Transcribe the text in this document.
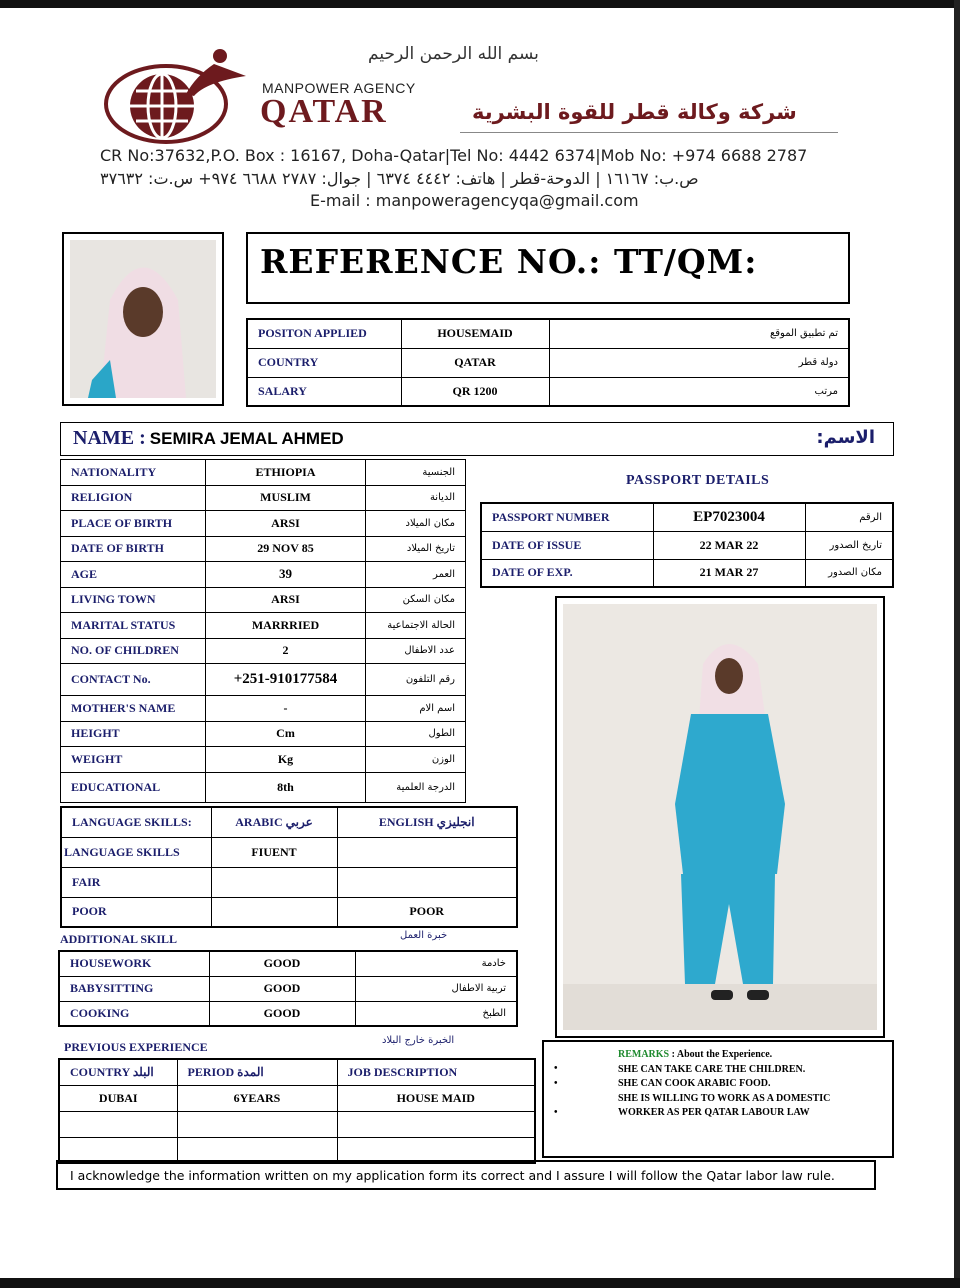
بسم الله الرحمن الرحيم
MANPOWER AGENCY
QATAR	شركة وكالة قطر للقوة البشرية
CR No:37632,P.O. Box : 16167, Doha-Qatar|Tel No: 4442 6374|Mob No: +974 6688 2787
ص.ب: ١٦١٦٧ | الدوحة-قطر | هاتف: ٤٤٤٢ ٦٣٧٤ | جوال: ٢٧٨٧ ٦٦٨٨ ٩٧٤+ س.ت: ٣٧٦٣٢
E-mail : manpoweragencyqa@gmail.com
REFERENCE NO.: TT/QM:
POSITON APPLIED	HOUSEMAID	تم تطبيق الموقع
COUNTRY	QATAR	دولة قطر
SALARY	QR 1200	مرتب
NAME : SEMIRA JEMAL AHMED	الاسم:
NATIONALITY	ETHIOPIA	الجنسية
RELIGION	MUSLIM	الديانة
PLACE OF BIRTH	ARSI	مكان الميلاد
DATE OF BIRTH	29 NOV 85	تاريخ الميلاد
AGE	39	العمر
LIVING TOWN	ARSI	مكان السكن
MARITAL STATUS	MARRRIED	الحالة الاجتماعية
NO. OF CHILDREN	2	عدد الاطفال
CONTACT No.	+251-910177584	رقم التلفون
MOTHER'S NAME	-	اسم الام
HEIGHT	Cm	الطول
WEIGHT	Kg	الوزن
EDUCATIONAL	8th	الدرجة العلمية
PASSPORT DETAILS
PASSPORT NUMBER	EP7023004	الرقم
DATE OF ISSUE	22 MAR 22	تاريخ الصدور
DATE OF EXP.	21 MAR 27	مكان الصدور
LANGUAGE SKILLS:	ARABIC عربي	ENGLISH انجليزي
LANGUAGE SKILLS	FIUENT	
FAIR		
POOR		POOR
ADDITIONAL SKILL	خبرة العمل
HOUSEWORK	GOOD	خادمة
BABYSITTING	GOOD	تربية الاطفال
COOKING	GOOD	الطبخ
PREVIOUS EXPERIENCE	الخبرة خارج البلاد
COUNTRY البلد	PERIOD المدة	JOB DESCRIPTION
DUBAI	6YEARS	HOUSE MAID

•
•
•
REMARKS : About the Experience.
SHE CAN TAKE CARE THE CHILDREN.
SHE CAN COOK ARABIC FOOD.
SHE IS WILLING TO WORK AS A DOMESTIC
WORKER AS PER QATAR LABOUR LAW
I acknowledge the information written on my application form its correct and I assure I will follow the Qatar labor law rule.
